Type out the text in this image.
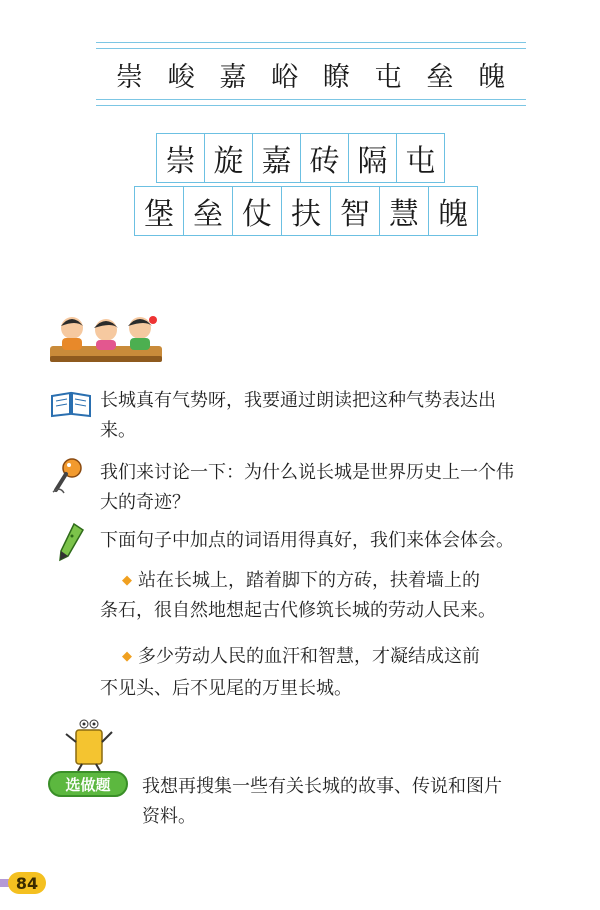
崇 峻 嘉 峪 瞭 屯 垒 魄
崇 旋 嘉 砖 隔 屯
堡 垒 仗 扶 智 慧 魄
长城真有气势呀，我要通过朗读把这种气势表达出
来。
我们来讨论一下：为什么说长城是世界历史上一个伟
大的奇迹？
下面句子中加点的词语用得真好，我们来体会体会。
◆ 站在长城上，踏着脚下的方砖，扶着墙上的
条石，很自然地想起古代修筑长城的劳动人民来。
◆ 多少劳动人民的血汗和智慧，才凝结成这前
不见头、后不见尾的万里长城。
选做题	我想再搜集一些有关长城的故事、传说和图片
资料。
84
